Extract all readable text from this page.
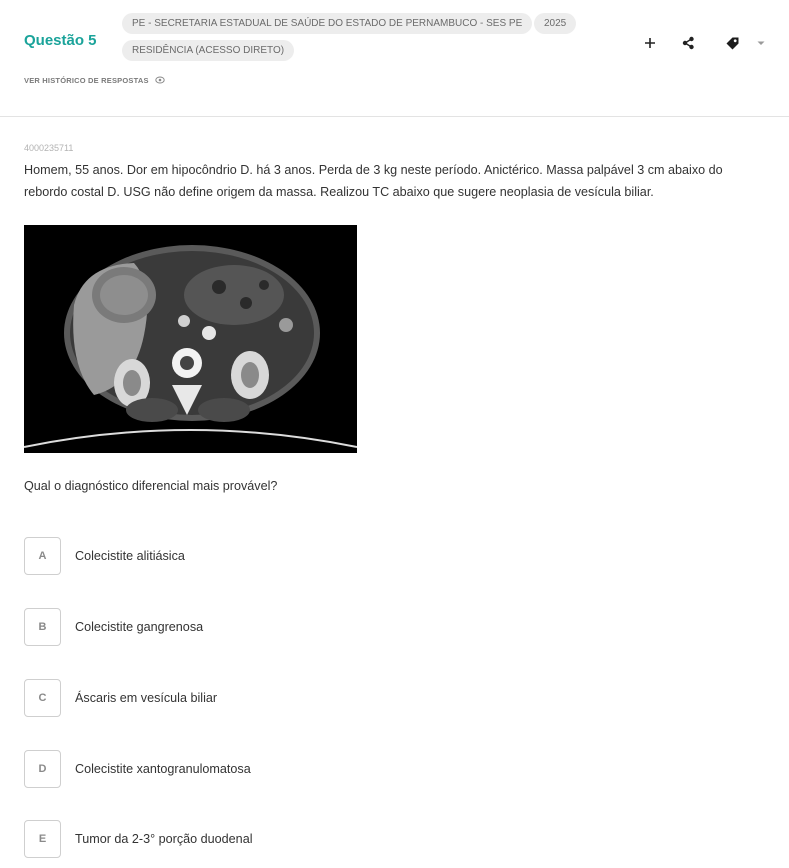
Questão 5
PE - SECRETARIA ESTADUAL DE SAÚDE DO ESTADO DE PERNAMBUCO - SES PE	2025
RESIDÊNCIA (ACESSO DIRETO)
VER HISTÓRICO DE RESPOSTAS
4000235711
Homem, 55 anos. Dor em hipocôndrio D. há 3 anos. Perda de 3 kg neste período. Anictérico. Massa palpável 3 cm abaixo do rebordo costal D. USG não define origem da massa. Realizou TC abaixo que sugere neoplasia de vesícula biliar.
Qual o diagnóstico diferencial mais provável?
A	Colecistite alitiásica
B	Colecistite gangrenosa
C	Áscaris em vesícula biliar
D	Colecistite xantogranulomatosa
E	Tumor da 2-3° porção duodenal
